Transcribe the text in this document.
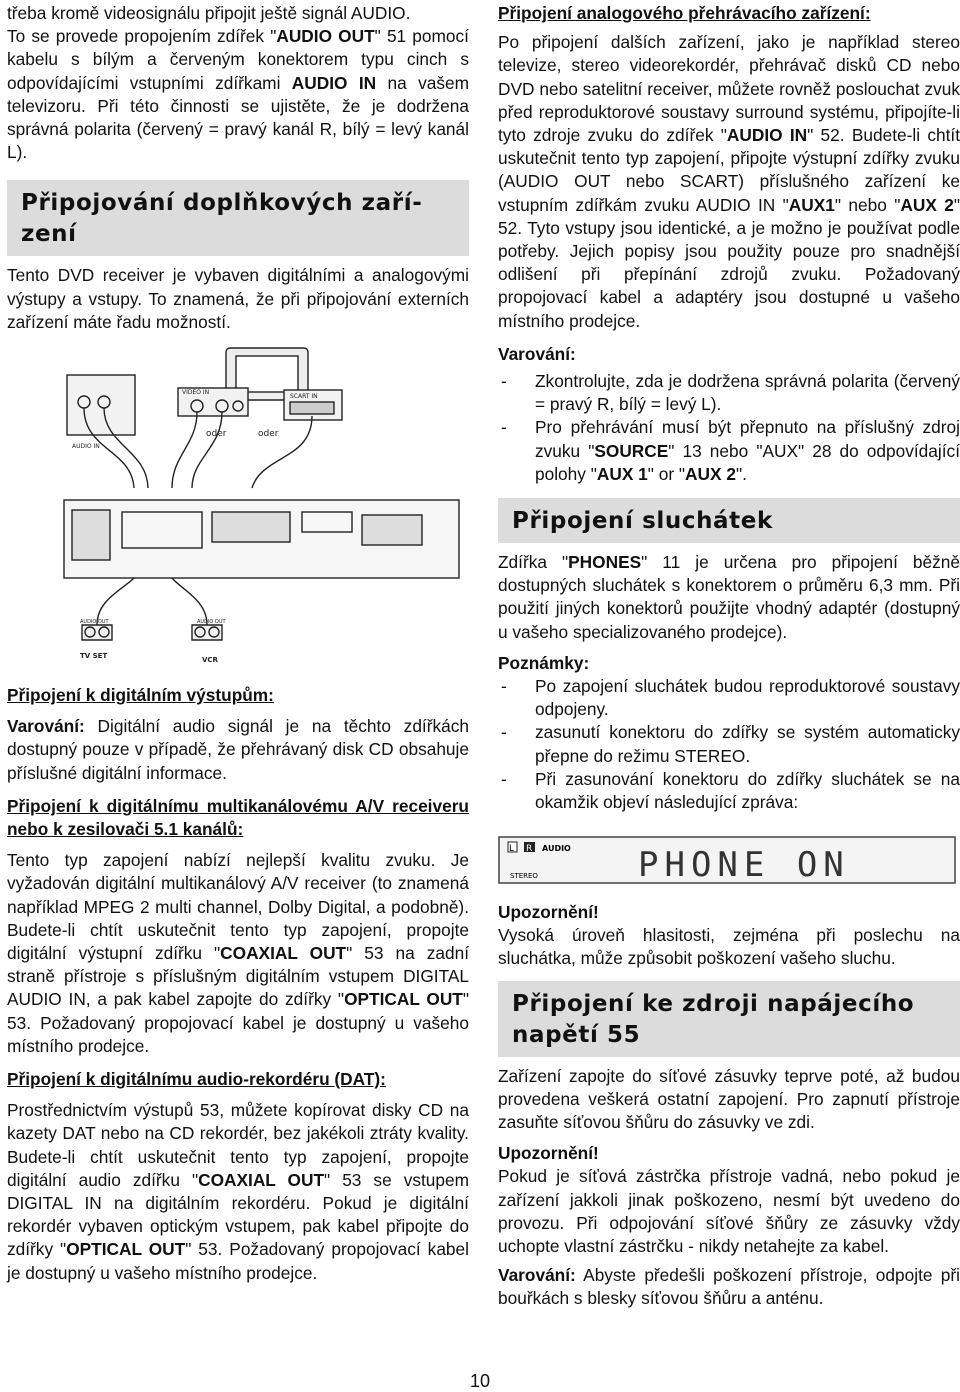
třeba kromě videosignálu připojit ještě signál AUDIO.

To se provede propojením zdířek "AUDIO OUT" 51 pomocí kabelu s bílým a červeným konektorem typu cinch s odpovídajícími vstupními zdířkami AUDIO IN na vašem televizoru. Při této činnosti se ujistěte, že je dodržena správná polarita (červený = pravý kanál R, bílý = levý kanál L).

Připojování doplňkových zaří-zení

Tento DVD receiver je vybaven digitálními a analogovými výstupy a vstupy. To znamená, že při připojování externích zařízení máte řadu možností.

AUDIO IN
VIDEO IN
SCART IN
oder	oder
AUDIO OUT	AUDIO OUT
TV SET	VCR

Připojení k digitálním výstupům:

Varování: Digitální audio signál je na těchto zdířkách dostupný pouze v případě, že přehrávaný disk CD obsahuje příslušné digitální informace.

Připojení k digitálnímu multikanálovému A/V receiveru nebo k zesilovači 5.1 kanálů:

Tento typ zapojení nabízí nejlepší kvalitu zvuku. Je vyžadován digitální multikanálový A/V receiver (to znamená například MPEG 2 multi channel, Dolby Digital, a podobně). Budete-li chtít uskutečnit tento typ zapojení, propojte digitální výstupní zdířku "COAXIAL OUT" 53 na zadní straně přístroje s příslušným digitálním vstupem DIGITAL AUDIO IN, a pak kabel zapojte do zdířky "OPTICAL OUT" 53. Požadovaný propojovací kabel je dostupný u vašeho místního prodejce.

Připojení k digitálnímu audio-rekordéru (DAT):

Prostřednictvím výstupů 53, můžete kopírovat disky CD na kazety DAT nebo na CD rekordér, bez jakékoli ztráty kvality. Budete-li chtít uskutečnit tento typ zapojení, propojte digitální audio zdířku "COAXIAL OUT" 53 se vstupem DIGITAL IN na digitálním rekordéru. Pokud je digitální rekordér vybaven optickým vstupem, pak kabel připojte do zdířky "OPTICAL OUT" 53. Požadovaný propojovací kabel je dostupný u vašeho místního prodejce.

Připojení analogového přehrávacího zařízení:

Po připojení dalších zařízení, jako je například stereo televize, stereo videorekordér, přehrávač disků CD nebo DVD nebo satelitní receiver, můžete rovněž poslouchat zvuk před reproduktorové soustavy surround systému, připojíte-li tyto zdroje zvuku do zdířek "AUDIO IN" 52. Budete-li chtít uskutečnit tento typ zapojení, připojte výstupní zdířky zvuku (AUDIO OUT nebo SCART) příslušného zařízení ke vstupním zdířkám zvuku AUDIO IN "AUX1" nebo "AUX 2" 52. Tyto vstupy jsou identické, a je možno je používat podle potřeby. Jejich popisy jsou použity pouze pro snadnější odlišení při přepínání zdrojů zvuku. Požadovaný propojovací kabel a adaptéry jsou dostupné u vašeho místního prodejce.

Varování:

- Zkontrolujte, zda je dodržena správná polarita (červený = pravý R, bílý = levý L).
- Pro přehrávání musí být přepnuto na příslušný zdroj zvuku "SOURCE" 13 nebo "AUX" 28 do odpovídající polohy "AUX 1" or "AUX 2".
Připojení sluchátek

Zdířka "PHONES" 11 je určena pro připojení běžně dostupných sluchátek s konektorem o průměru 6,3 mm. Při použití jiných konektorů použijte vhodný adaptér (dostupný u vašeho specializovaného prodejce).

Poznámky:

- Po zapojení sluchátek budou reproduktorové soustavy odpojeny.
- zasunutí konektoru do zdířky se systém automaticky přepne do režimu STEREO.
- Při zasunování konektoru do zdířky sluchátek se na okamžik objeví následující zpráva:
L R AUDIO
STEREO	PHONE ON

Upozornění!

Vysoká úroveň hlasitosti, zejména při poslechu na sluchátka, může způsobit poškození vašeho sluchu.

Připojení ke zdroji napájecího napětí 55

Zařízení zapojte do síťové zásuvky teprve poté, až budou provedena veškerá ostatní zapojení. Pro zapnutí přístroje zasuňte síťovou šňůru do zásuvky ve zdi.

Upozornění!

Pokud je síťová zástrčka přístroje vadná, nebo pokud je zařízení jakkoli jinak poškozeno, nesmí být uvedeno do provozu. Při odpojování síťové šňůry ze zásuvky vždy uchopte vlastní zástrčku - nikdy netahejte za kabel.

Varování: Abyste předešli poškození přístroje, odpojte při bouřkách s blesky síťovou šňůru a anténu.

10
